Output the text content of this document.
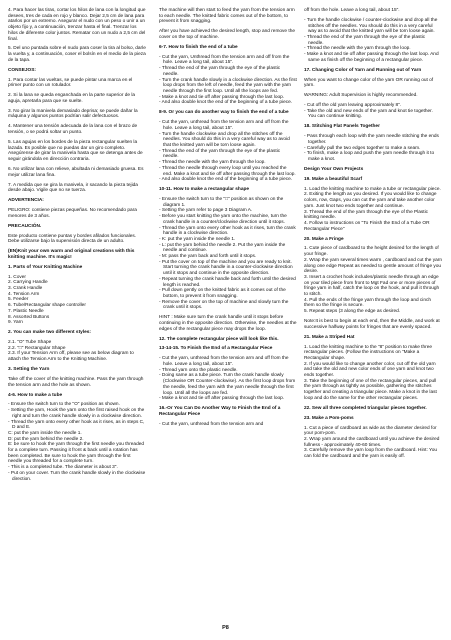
4. Para hacer las tiras, cortar los hilos de lana con la longitud que desees, tres de cada en rojo y blanco. Dejar 2,5 cm de lana para atarlos por un extremo. Asegurar el nudo con un peso o unir a un objeto fijo y, a continuación, trenzar hasta el final. Trenzar los hilos de diferente color juntos. Rematar con un nudo a 2,5 cm del final.

5. Del uno puntada sobre el nudo para coser la tira al bolso, darle la vuelta y, a continuación, coser el bolsín en el medio de la pieza de la tapa.

CONSEJOS:

1. Para contar las vueltas, se puede pintar una marca en el primer punto con un rotulador.

2. Si la lana se queda enganchada en la parte superior de la aguja, apretarla para que se suelte.

3. No girar la manivela demasiado deprisa; se puede dañar la máquina y algunos puntos podrían salir defectuosos.

4. Mantener una tensión adecuada de la lana con el brazo de tensión, o se podrá soltar un punto.

5. Las agujas en los bordes de la pieza rectangular suelten la lazada. Es posible que no puedas dar un giro completo. Asegúrense de girar la manivela hasta que se detenga antes de seguir girándola en dirección contraria.

6. No utilizar lana con relieve, abultada ni demasiado gruesa. Es mejor utilizar lana fina.

7. A medida que se gira la manivela, ir sacando la pieza tejida desde abajo. Vigile que no se tuerza.

ADVERTENCIA:

PELIGRO: contiene piezas pequeñas. No recomendado para menores de 3 años.

PRECAUCIÓN.

Este producto contiene puntas y bordes afilados funcionales. Debe utilizarse bajo la supervisión directa de un adulto.

(EN)Knit your own warm and original creations with this knitting machine. It's magic!

1. Parts of Your Knitting Machine

1. Cover
2. Carrying Handle
3. Crank Handle
4. Tension Arm
5. Feeder
6. Tube/Rectangular shape controller
7. Plastic Needle
8. Assorted Buttons
9. Yarn

2. You can make two different styles:

2.1. "O" Tube Shape
2.2. "□" Rectangular Shape
2.3. If your Tension Arm off, please see as below diagram to attach the Tension Arm to the Knitting Machine.

3. Setting the Yarn

Take off the cover of the knitting machine. Pass the yarn through the tension arm and the hole as shown.

4-6. How to make a tube

- Ensure the switch turn to the "O" position as shown.
- Setting the yarn, Hook the yarn onto the first raised hook on the right and turn the crank handle slowly in a clockwise direction.
- Thread the yarn onto every other hook as it rises, as in steps C, D and E.
C: put the yarn inside the needle 1.
D: put the yarn behind the needle 2.
E: be sure to hook the yarn through the first needle you threaded for a complete turn. Passing it front & back until a rotation has been completed. Be sure to hook the yarn through the first needle you threaded for a complete turn.
- This is a completed tube. The diameter is about 3".
- Put on your cover. Turn the crank handle slowly in the clockwise direction.

The machine will then start to feed the yarn from the tension arm to each needle. The knitted fabric comes out of the bottom, to prevent it from snagging.

After you have achieved the desired length, stop and remove the cover on the top of machine.

6-7. How to finish the end of a tube

- Cut the yarn, Unthread from the tension arm and off from the hole. Leave a long tail, about 15".
- Thread the end of the yarn through the eye of the plastic needle.
- Turn the crank handle slowly in a clockwise direction. As the first loop drops from the left of needle, feed the yarn with the yarn needle through the first loop. Until all the loops are fed.
- Make a knot and tie off after passing through the last loop.
- And also double knot the end of the beginning of a tube piece.

8-9. Or you can do another way to finish the end of a tube

- Cut the yarn, unthread from the tension arm and off from the hole. Leave a long tail, about 15".
- Turn the handle clockwise and drop all the stitches off the needles. You should do this in a very careful way as to avoid that the knitted yarn will be torn loose again.
- Thread the end of the yarn through the eye of the plastic needle.
- Thread the needle with the yarn through the loop.
- Thread the needle through every loop until you reached the end. Make a knot and tie off after passing through the last loop.
- And also double knot the end of the beginning of a tube piece.

10-11. How to make a rectangular shape

- Ensure the switch turn to the "□" position as shown on the diagram 1.
- Setting the yarn refer to page 3 Diagram A.
- Before you start knitting the yarn onto the machine, turn the crank handle in a counter/clockwise direction until it stops.
- Thread the yarn onto every other hook as it rises, turn the crank handle in a clockwise direction.
- K: put the yarn inside the needle 1.
- L: put the yarn behind the needle 2. Put the yarn inside the needle and continue.
- M: pass the yarn back and forth until it stops.
- Put the cover on top of the machine and you are ready to knit. Start turning the crank handle in a counter-clockwise direction until it stops and continue in the opposite direction.
- Repeat turning the crank handle back and forth until the desired length is reached.
- Pull down gently on the knitted fabric as it comes out of the bottom, to prevent it from snagging.
- Remove the cover on the top of machine and slowly turn the crank until it stops.

HINT : Make sure turn the crank handle until it stops before continuing in the opposite direction. Otherwise, the needles at the edges of the rectangular piece may drops the loop.

12. The complete rectangular piece will look like this.

13-14-15. To Finish the End of a Rectangular Piece

- Cut the yarn, unthread from the tension arm and off from the hole. Leave a long tail, about 15".
- Thread yarn onto the plastic needle.
- Doing same as a tube piece. Turn the crank handle slowly (Clockwise OR Counter-clockwise). As the first loop drops from the needle, feed the yarn with the yarn needle through the first loop. Until all the loops are fed.
- Make a knot and tie off after passing through the last loop.

16.-Or You Can Do Another Way to Finish the End of a Rectangular Piece

- Cut the yarn, unthread from the tension arm and

off from the hole. Leave a long tail, about 15".

- Turn the handle clockwise / counter-clockwise and drop all the stitches off the needles. You should do this in a very careful way as to avoid that the knitted yarn will be torn loose again.
- Thread the end of the yarn through the eye of the plastic needle.
- Thread the needle with the yarn through the loop.
- Make a knot and tie off after passing through the last loop. And same as finish off the beginning of a rectangular piece.

17. Changing Color of Yarn and Running out of Yarn

When you want to change color of the yarn OR running out of yarn.

WARNING: Adult Supervision is highly recommended.

- Cut off the old yarn leaving approximately 8".
- Take the old and new ends of the yarn and knot tie together. You can continue knitting.

18. Stitching Flat Panels Together

- Pass through each loop with the yarn needle stitching the ends together.
- Carefully pull the two edges together to make a seam.
- To finish, make a loop and push the yarn needle through it to make a knot.

Design Your Own Projects

19. Make a beautiful Scarf

1. Load the knitting machine to make a tube or rectangular piece.
2. Exiting the length as you desired. If you would like to change colors, row, Gaps, you can cut the yarn and take another color yarn. Just knot two ends together and continue.
3. Thread the end of the yarn through the eye of the Plastic knitting needle.
4. Follow to instructions on "To Finish the End of a Tube OR Rectangular Piece"

20. Make a Fringe

1. Cute piece of cardboard to the height desired for the length of your fringe.
2. Wrap the yarn several times warm , cardboard and cut the yarn along one edge Repeat as needed to gentle amount of fringe you desire.
3. Insert a crochet hook includes/plastic needle through an edge on your tiled piece from front to Mgt Fad one or more pieces of fringe yarn in half, catch the loop on the hook, and pull it through to stitch.
4. Pull the ends of the fringe yarn through the loop and cinch them so the fringe is secure.
5. Repeat steps (3 along the edge as desired.

Note:It is best to begin at each end, then the Middle, and work at successive halfway points for fringes that are evenly spaced.

21. Make a Striped Hat

1. Load the knitting machine to the "8" position to make three rectangular pieces. (Follow the instructions on "Make a Rectangular shape.
2. If you would like to change another color, cut off the old yarn and take the old and new color ends of one yarn and knot two ends together.
3. Take the beginning of one of the rectangular pieces, and pull the yarn through as tightly as possible, gathering the stitches together and creating a triangular piece. Make a knot in the last loop and do the same for the other rectangular pieces.

22. Sew all three completed triangular pieces together.

23. Make a Pom-poms

1. Cut a piece of cardboard as wide as the diameter desired for your pom-pom.
2. Wrap yarn around the cardboard until you achieve the desired fullness - approximately 40-60 times.
3. Carefully remove the yarn loop from the cardboard. Hint: You can fold the cardboard and the yarn is easily off.
P8
